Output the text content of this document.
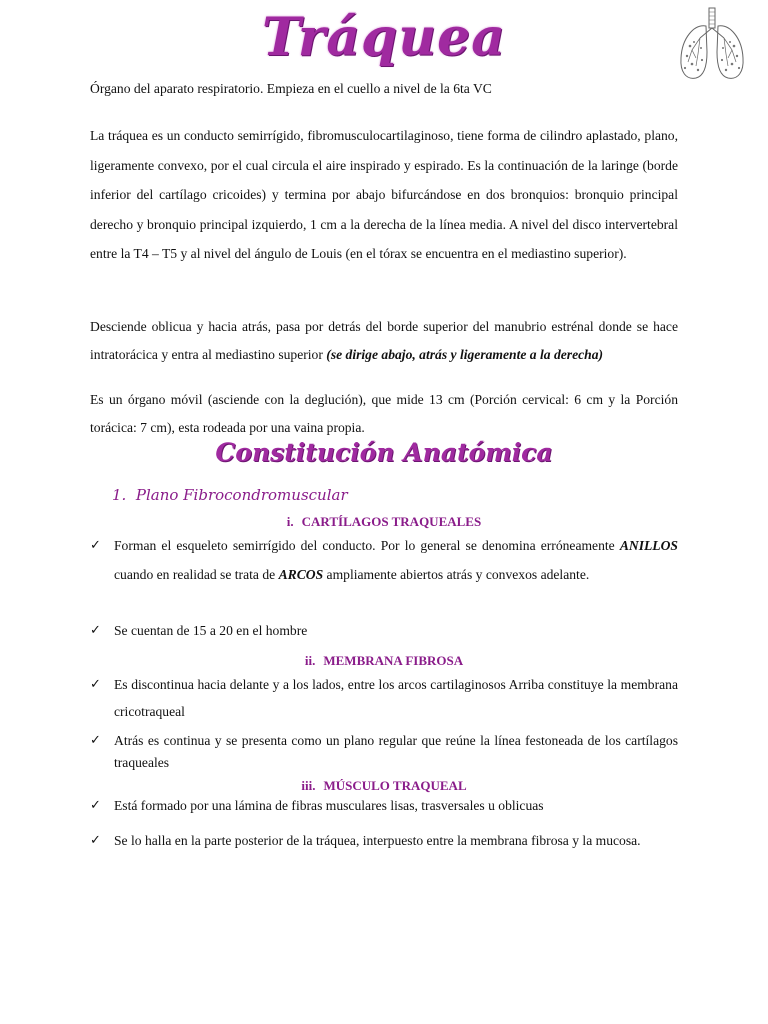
Tráquea

Órgano del aparato respiratorio. Empieza en el cuello a nivel de la 6ta VC

La tráquea es un conducto semirrígido, fibromusculocartilaginoso, tiene forma de cilindro aplastado, plano, ligeramente convexo, por el cual circula el aire inspirado y espirado. Es la continuación de la laringe (borde inferior del cartílago cricoides) y termina por abajo bifurcándose en dos bronquios: bronquio principal derecho y bronquio principal izquierdo, 1 cm a la derecha de la línea media. A nivel del disco intervertebral entre la T4 – T5 y al nivel del ángulo de Louis (en el tórax se encuentra en el mediastino superior).

Desciende oblicua y hacia atrás, pasa por detrás del borde superior del manubrio estrénal donde se hace intratorácica y entra al mediastino superior (se dirige abajo, atrás y ligeramente a la derecha)

Es un órgano móvil (asciende con la deglución), que mide 13 cm (Porción cervical: 6 cm y la Porción torácica: 7 cm), esta rodeada por una vaina propia.

Constitución Anatómica
1. Plano Fibrocondromuscular
i. CARTÍLAGOS TRAQUEALES
✓ Forman el esqueleto semirrígido del conducto. Por lo general se denomina erróneamente ANILLOS cuando en realidad se trata de ARCOS ampliamente abiertos atrás y convexos adelante.
✓ Se cuentan de 15 a 20 en el hombre
ii. MEMBRANA FIBROSA
✓ Es discontinua hacia delante y a los lados, entre los arcos cartilaginosos Arriba constituye la membrana cricotraqueal
✓ Atrás es continua y se presenta como un plano regular que reúne la línea festoneada de los cartílagos traqueales
iii. MÚSCULO TRAQUEAL
✓ Está formado por una lámina de fibras musculares lisas, trasversales u oblicuas
✓ Se lo halla en la parte posterior de la tráquea, interpuesto entre la membrana fibrosa y la mucosa.
